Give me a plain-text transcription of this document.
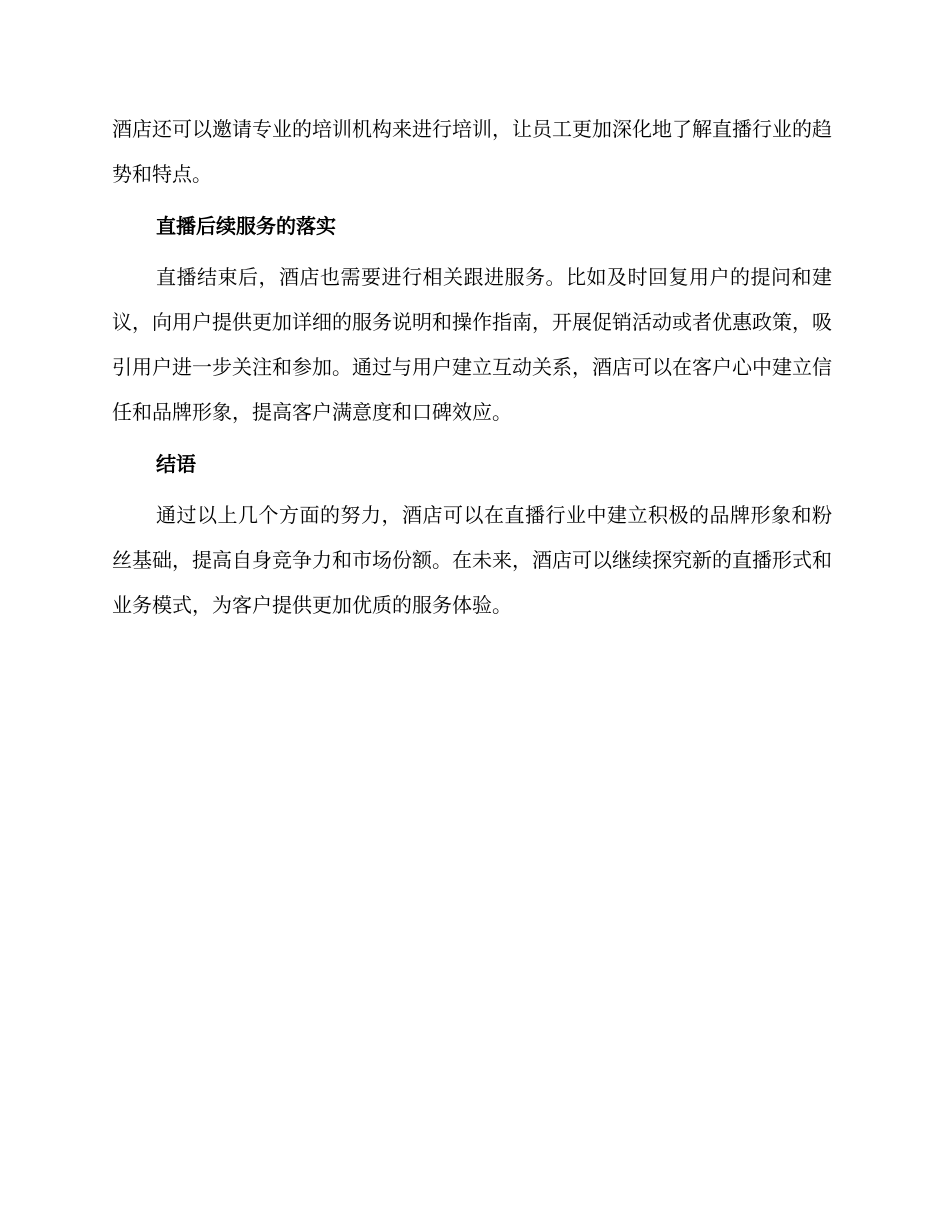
酒店还可以邀请专业的培训机构来进行培训，让员工更加深化地了解直播行业的趋势和特点。

直播后续服务的落实

直播结束后，酒店也需要进行相关跟进服务。比如及时回复用户的提问和建议，向用户提供更加详细的服务说明和操作指南，开展促销活动或者优惠政策，吸引用户进一步关注和参加。通过与用户建立互动关系，酒店可以在客户心中建立信任和品牌形象，提高客户满意度和口碑效应。

结语

通过以上几个方面的努力，酒店可以在直播行业中建立积极的品牌形象和粉丝基础，提高自身竞争力和市场份额。在未来，酒店可以继续探究新的直播形式和业务模式，为客户提供更加优质的服务体验。
